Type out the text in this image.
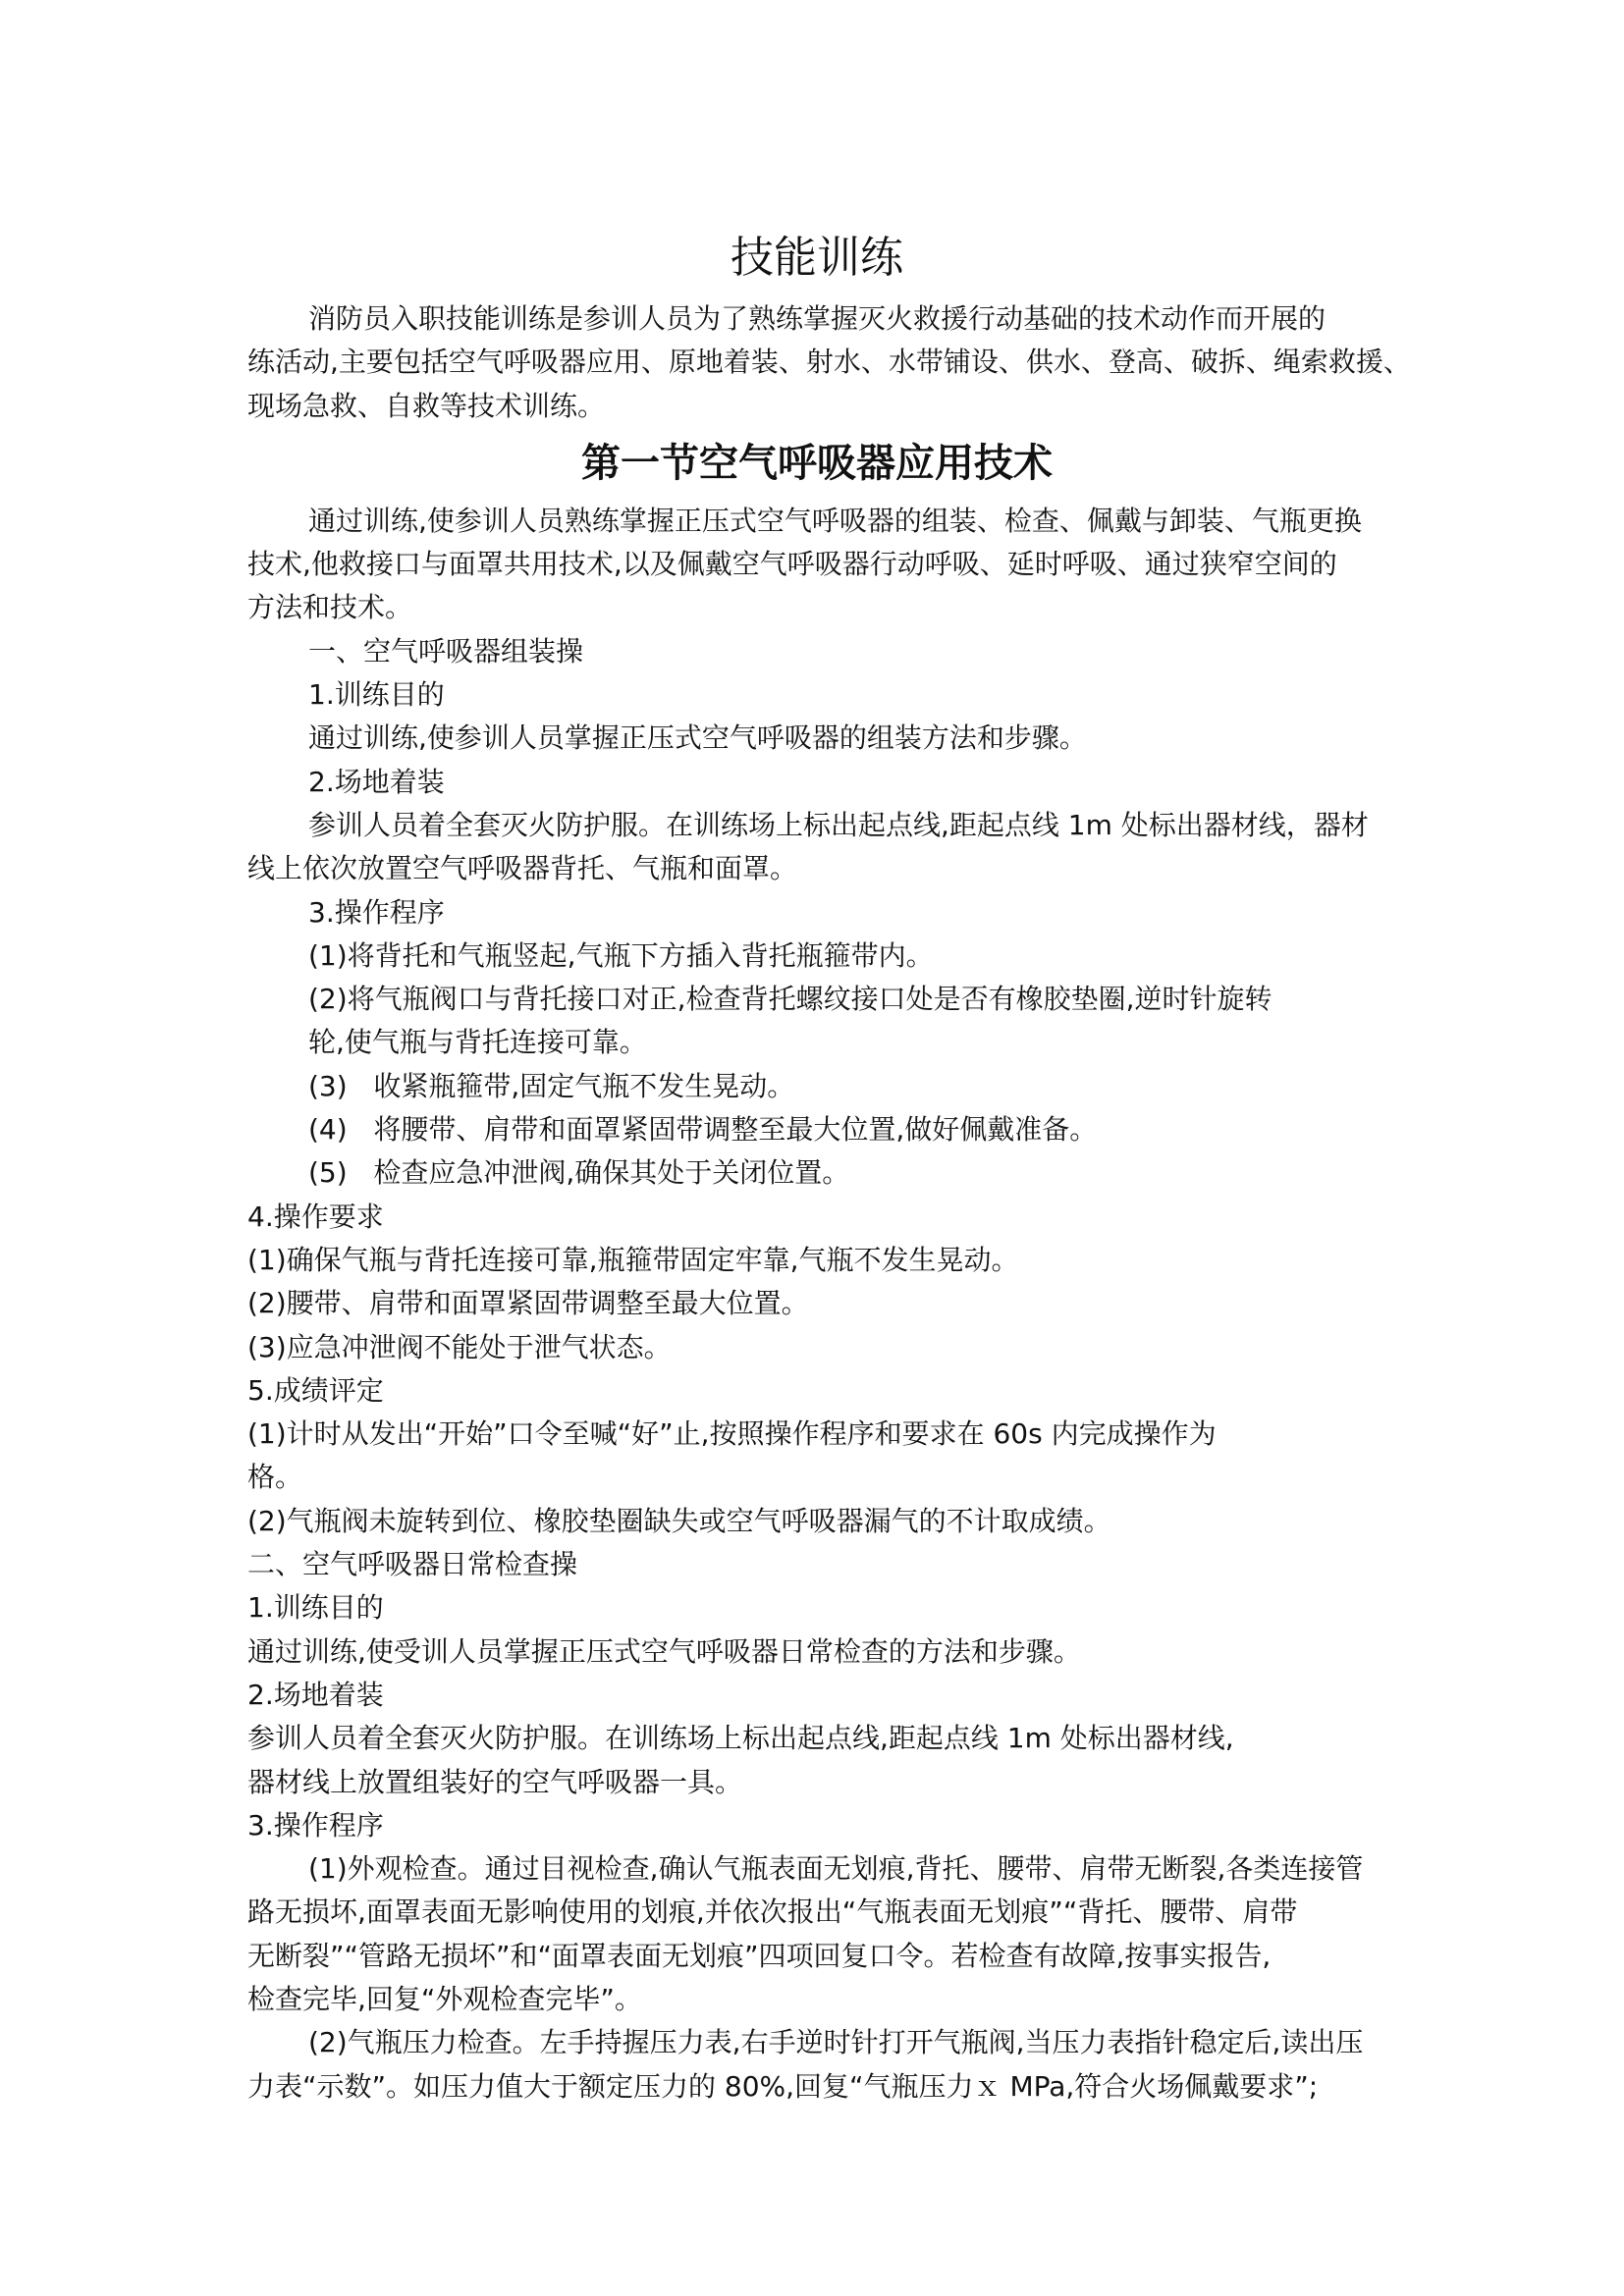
技能训练
消防员入职技能训练是参训人员为了熟练掌握灭火救援行动基础的技术动作而开展的
练活动,主要包括空气呼吸器应用、原地着装、射水、水带铺设、供水、登高、破拆、绳索救援、
现场急救、自救等技术训练。
第一节空气呼吸器应用技术
通过训练,使参训人员熟练掌握正压式空气呼吸器的组装、检查、佩戴与卸装、气瓶更换
技术,他救接口与面罩共用技术,以及佩戴空气呼吸器行动呼吸、延时呼吸、通过狭窄空间的
方法和技术。
一、空气呼吸器组装操
1.训练目的
通过训练,使参训人员掌握正压式空气呼吸器的组装方法和步骤。
2.场地着装
参训人员着全套灭火防护服。在训练场上标出起点线,距起点线 1m 处标出器材线，器材
线上依次放置空气呼吸器背托、气瓶和面罩。
3.操作程序
(1)将背托和气瓶竖起,气瓶下方插入背托瓶箍带内。
(2)将气瓶阀口与背托接口对正,检查背托螺纹接口处是否有橡胶垫圈,逆时针旋转
轮,使气瓶与背托连接可靠。
(3)   收紧瓶箍带,固定气瓶不发生晃动。
(4)   将腰带、肩带和面罩紧固带调整至最大位置,做好佩戴准备。
(5)   检查应急冲泄阀,确保其处于关闭位置。
4.操作要求
(1)确保气瓶与背托连接可靠,瓶箍带固定牢靠,气瓶不发生晃动。
(2)腰带、肩带和面罩紧固带调整至最大位置。
(3)应急冲泄阀不能处于泄气状态。
5.成绩评定
(1)计时从发出“开始”口令至喊“好”止,按照操作程序和要求在 60s 内完成操作为
格。
(2)气瓶阀未旋转到位、橡胶垫圈缺失或空气呼吸器漏气的不计取成绩。
二、空气呼吸器日常检查操
1.训练目的
通过训练,使受训人员掌握正压式空气呼吸器日常检查的方法和步骤。
2.场地着装
参训人员着全套灭火防护服。在训练场上标出起点线,距起点线 1m 处标出器材线,
器材线上放置组装好的空气呼吸器一具。
3.操作程序
(1)外观检查。通过目视检查,确认气瓶表面无划痕,背托、腰带、肩带无断裂,各类连接管
路无损坏,面罩表面无影响使用的划痕,并依次报出“气瓶表面无划痕”“背托、腰带、肩带
无断裂”“管路无损坏”和“面罩表面无划痕”四项回复口令。若检查有故障,按事实报告,
检查完毕,回复“外观检查完毕”。
(2)气瓶压力检查。左手持握压力表,右手逆时针打开气瓶阀,当压力表指针稳定后,读出压
力表“示数”。如压力值大于额定压力的 80%,回复“气瓶压力ｘ MPa,符合火场佩戴要求”;
